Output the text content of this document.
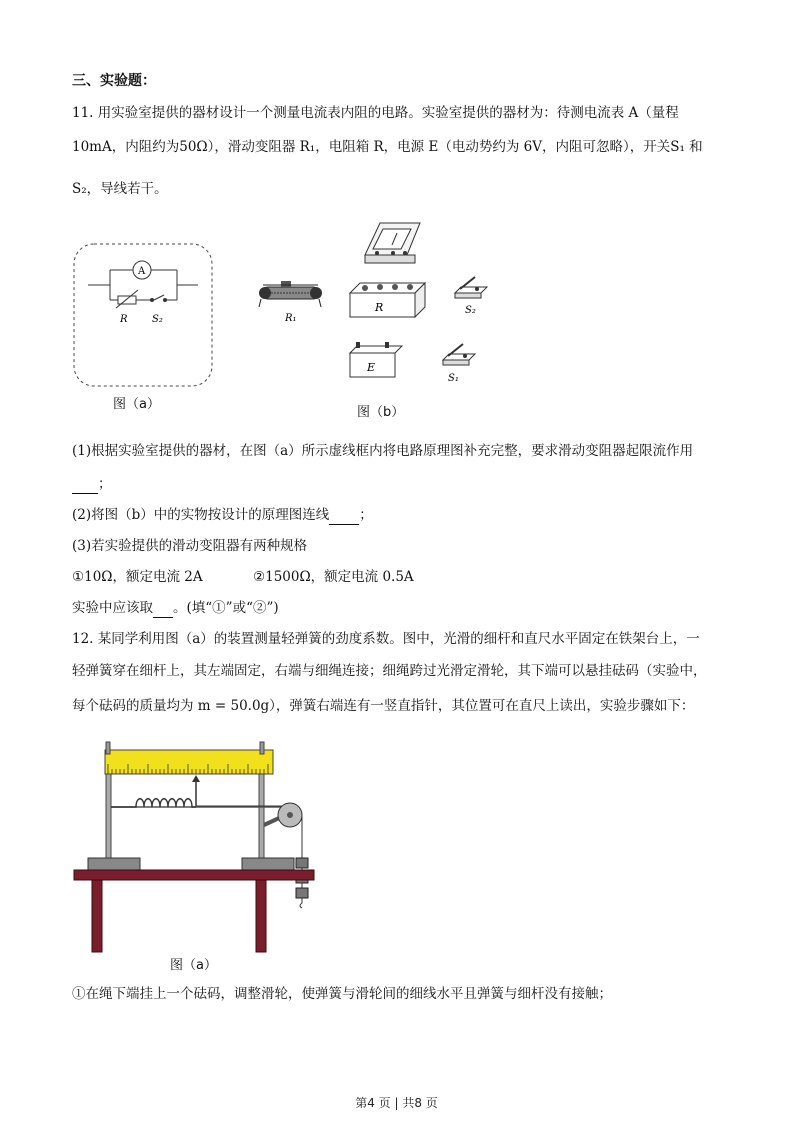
三、实验题：
11. 用实验室提供的器材设计一个测量电流表内阻的电路。实验室提供的器材为：待测电流表 A（量程
10mA，内阻约为50Ω），滑动变阻器 R₁，电阻箱 R，电源 E（电动势约为 6V，内阻可忽略），开关S₁ 和
S₂，导线若干。
A
R S₂
图（a）
R₁
R	S₂
E
S₁
图（b）
(1)根据实验室提供的器材，在图（a）所示虚线框内将电路原理图补充完整，要求滑动变阻器起限流作用
；
(2)将图（b）中的实物按设计的原理图连线 ；
(3)若实验提供的滑动变阻器有两种规格
①10Ω，额定电流 2A	②1500Ω，额定电流 0.5A
实验中应该取 。(填“①”或“②”)
12. 某同学利用图（a）的装置测量轻弹簧的劲度系数。图中，光滑的细杆和直尺水平固定在铁架台上，一
轻弹簧穿在细杆上，其左端固定，右端与细绳连接；细绳跨过光滑定滑轮，其下端可以悬挂砝码（实验中，
每个砝码的质量均为 m = 50.0g），弹簧右端连有一竖直指针，其位置可在直尺上读出，实验步骤如下：
图（a）
①在绳下端挂上一个砝码，调整滑轮，使弹簧与滑轮间的细线水平且弹簧与细杆没有接触；
第4 页 | 共8 页
